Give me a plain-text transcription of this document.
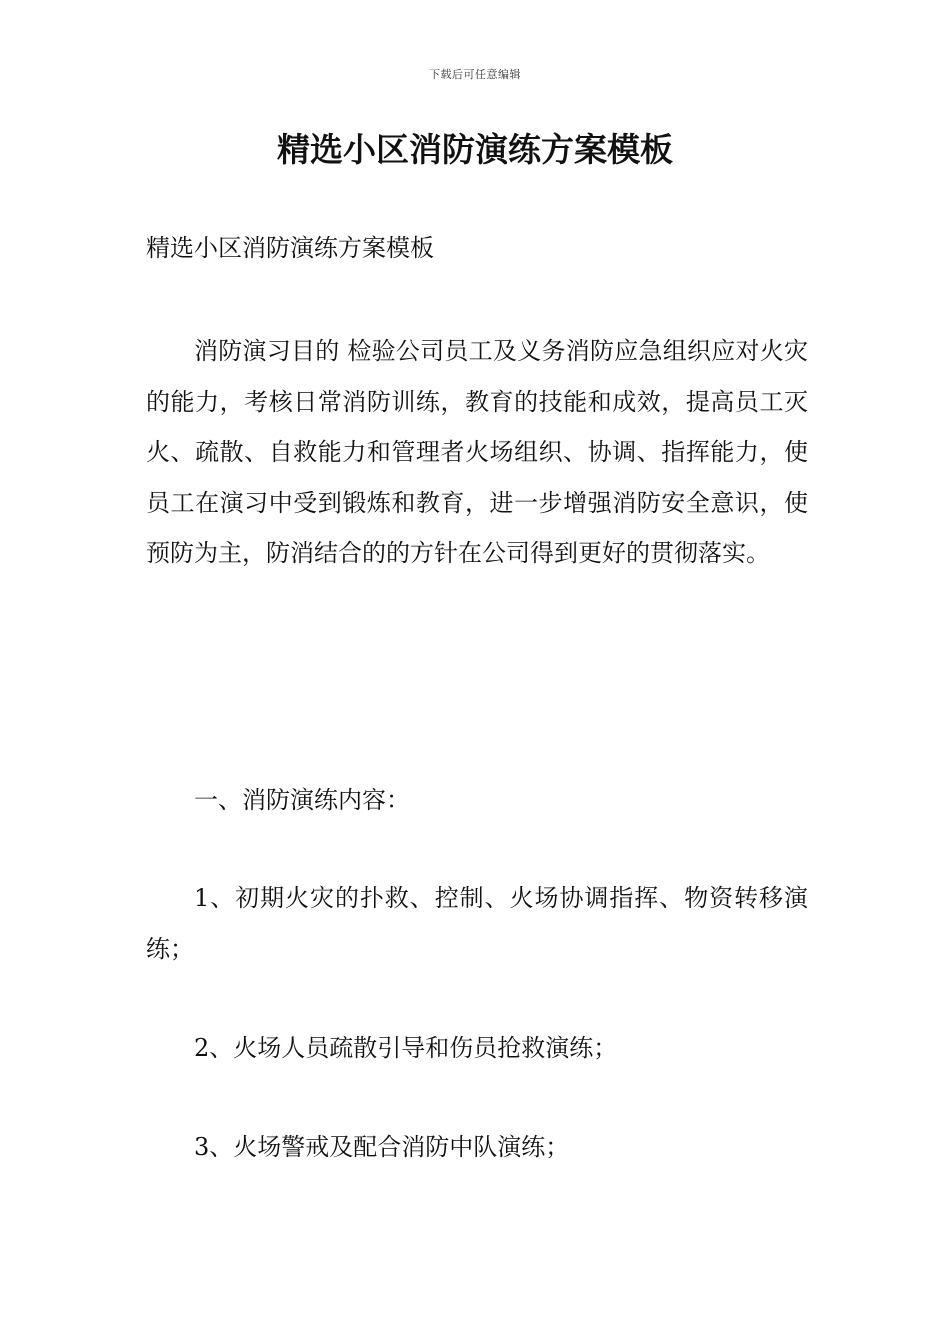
下载后可任意编辑
精选小区消防演练方案模板

精选小区消防演练方案模板

消防演习目的 检验公司员工及义务消防应急组织应对火灾的能力，考核日常消防训练，教育的技能和成效，提高员工灭火、疏散、自救能力和管理者火场组织、协调、指挥能力，使员工在演习中受到锻炼和教育，进一步增强消防安全意识，使预防为主，防消结合的的方针在公司得到更好的贯彻落实。

一、消防演练内容：

1、初期火灾的扑救、控制、火场协调指挥、物资转移演练；

2、火场人员疏散引导和伤员抢救演练；

3、火场警戒及配合消防中队演练；
